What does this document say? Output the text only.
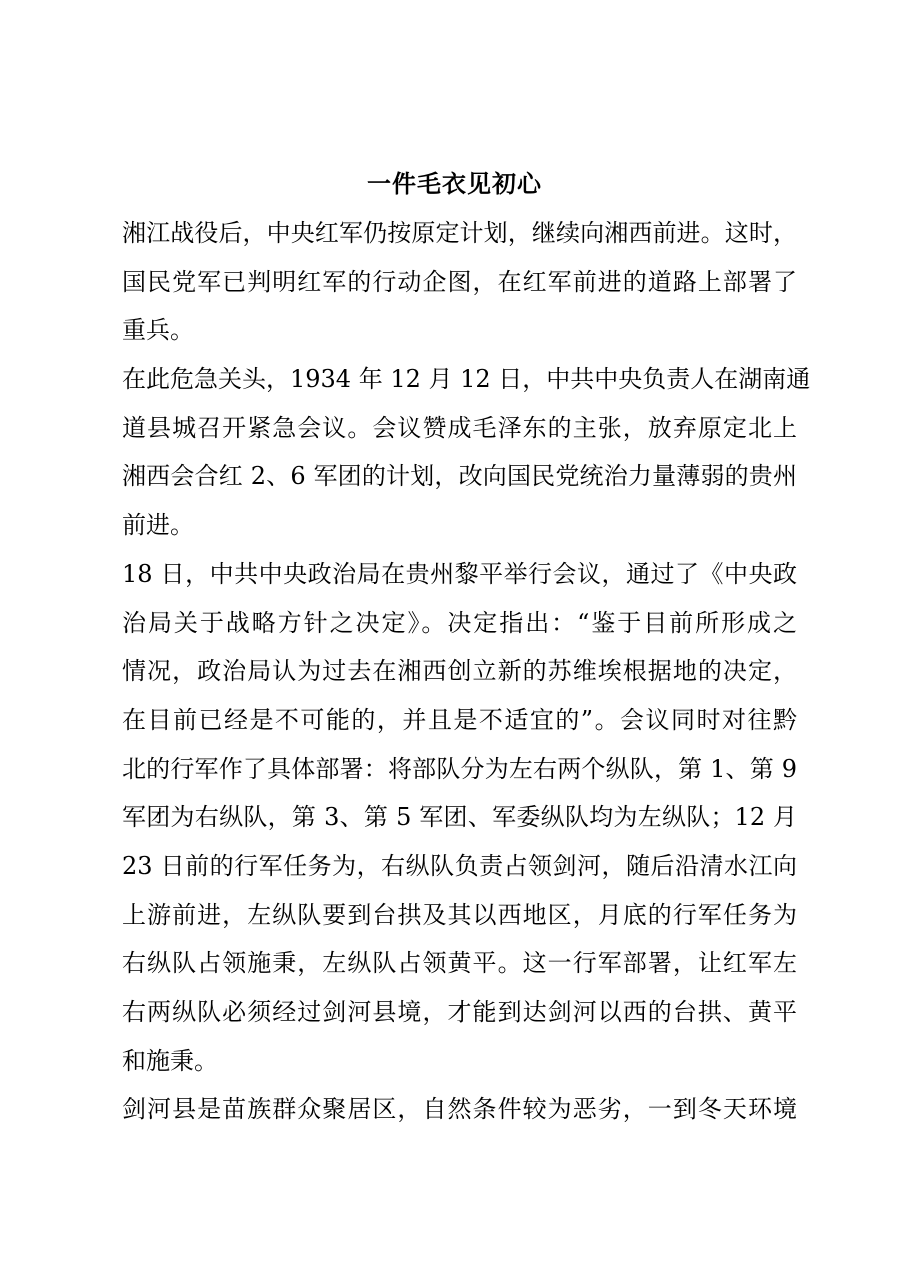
一件毛衣见初心
湘江战役后，中央红军仍按原定计划，继续向湘西前进。这时，
国民党军已判明红军的行动企图，在红军前进的道路上部署了
重兵。
在此危急关头，1934 年 12 月 12 日，中共中央负责人在湖南通
道县城召开紧急会议。会议赞成毛泽东的主张，放弃原定北上
湘西会合红 2、6 军团的计划，改向国民党统治力量薄弱的贵州
前进。
18 日，中共中央政治局在贵州黎平举行会议，通过了《中央政
治局关于战略方针之决定》。决定指出：“鉴于目前所形成之
情况，政治局认为过去在湘西创立新的苏维埃根据地的决定，
在目前已经是不可能的，并且是不适宜的”。会议同时对往黔
北的行军作了具体部署：将部队分为左右两个纵队，第 1、第 9
军团为右纵队，第 3、第 5 军团、军委纵队均为左纵队；12 月
23 日前的行军任务为，右纵队负责占领剑河，随后沿清水江向
上游前进，左纵队要到台拱及其以西地区，月底的行军任务为
右纵队占领施秉，左纵队占领黄平。这一行军部署，让红军左
右两纵队必须经过剑河县境，才能到达剑河以西的台拱、黄平
和施秉。
剑河县是苗族群众聚居区，自然条件较为恶劣，一到冬天环境
